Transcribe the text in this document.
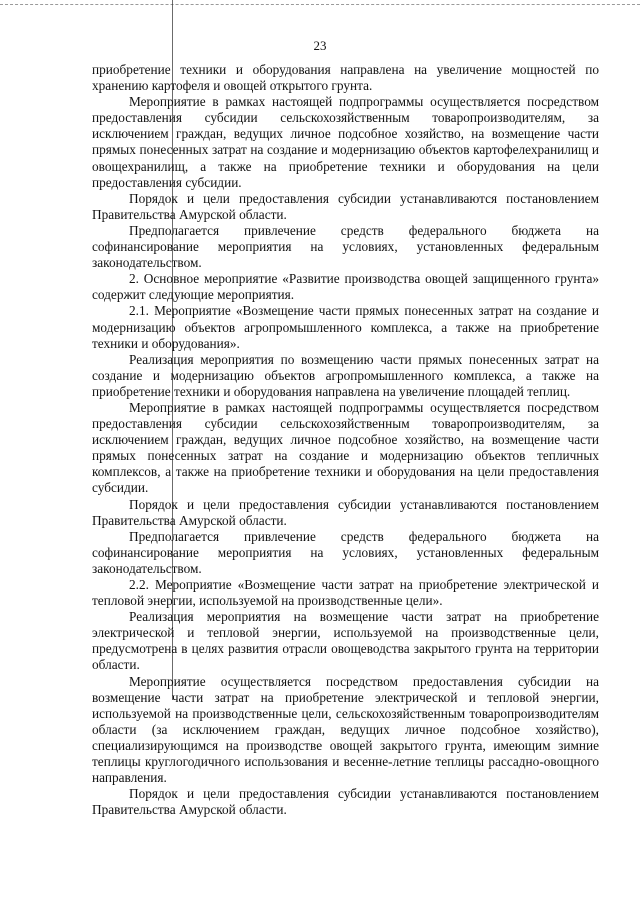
23

приобретение техники и оборудования направлена на увеличение мощностей по хранению картофеля и овощей открытого грунта.

Мероприятие в рамках настоящей подпрограммы осуществляется посредством предоставления субсидии сельскохозяйственным товаропроизводителям, за исключением граждан, ведущих личное подсобное хозяйство, на возмещение части прямых понесенных затрат на создание и модернизацию объектов картофелехранилищ и овощехранилищ, а также на приобретение техники и оборудования на цели предоставления субсидии.

Порядок и цели предоставления субсидии устанавливаются постановлением Правительства Амурской области.

Предполагается привлечение средств федерального бюджета на софинансирование мероприятия на условиях, установленных федеральным законодательством.

2. Основное мероприятие «Развитие производства овощей защищенного грунта» содержит следующие мероприятия.

2.1. Мероприятие «Возмещение части прямых понесенных затрат на создание и модернизацию объектов агропромышленного комплекса, а также на приобретение техники и оборудования».

Реализация мероприятия по возмещению части прямых понесенных затрат на создание и модернизацию объектов агропромышленного комплекса, а также на приобретение техники и оборудования направлена на увеличение площадей теплиц.

Мероприятие в рамках настоящей подпрограммы осуществляется посредством предоставления субсидии сельскохозяйственным товаропроизводителям, за исключением граждан, ведущих личное подсобное хозяйство, на возмещение части прямых понесенных затрат на создание и модернизацию объектов тепличных комплексов, а также на приобретение техники и оборудования на цели предоставления субсидии.

Порядок и цели предоставления субсидии устанавливаются постановлением Правительства Амурской области.

Предполагается привлечение средств федерального бюджета на софинансирование мероприятия на условиях, установленных федеральным законодательством.

2.2. Мероприятие «Возмещение части затрат на приобретение электрической и тепловой энергии, используемой на производственные цели».

Реализация мероприятия на возмещение части затрат на приобретение электрической и тепловой энергии, используемой на производственные цели, предусмотрена в целях развития отрасли овощеводства закрытого грунта на территории области.

Мероприятие осуществляется посредством предоставления субсидии на возмещение части затрат на приобретение электрической и тепловой энергии, используемой на производственные цели, сельскохозяйственным товаропроизводителям области (за исключением граждан, ведущих личное подсобное хозяйство), специализирующимся на производстве овощей закрытого грунта, имеющим зимние теплицы круглогодичного использования и весенне-летние теплицы рассадно-овощного направления.

Порядок и цели предоставления субсидии устанавливаются постановлением Правительства Амурской области.
